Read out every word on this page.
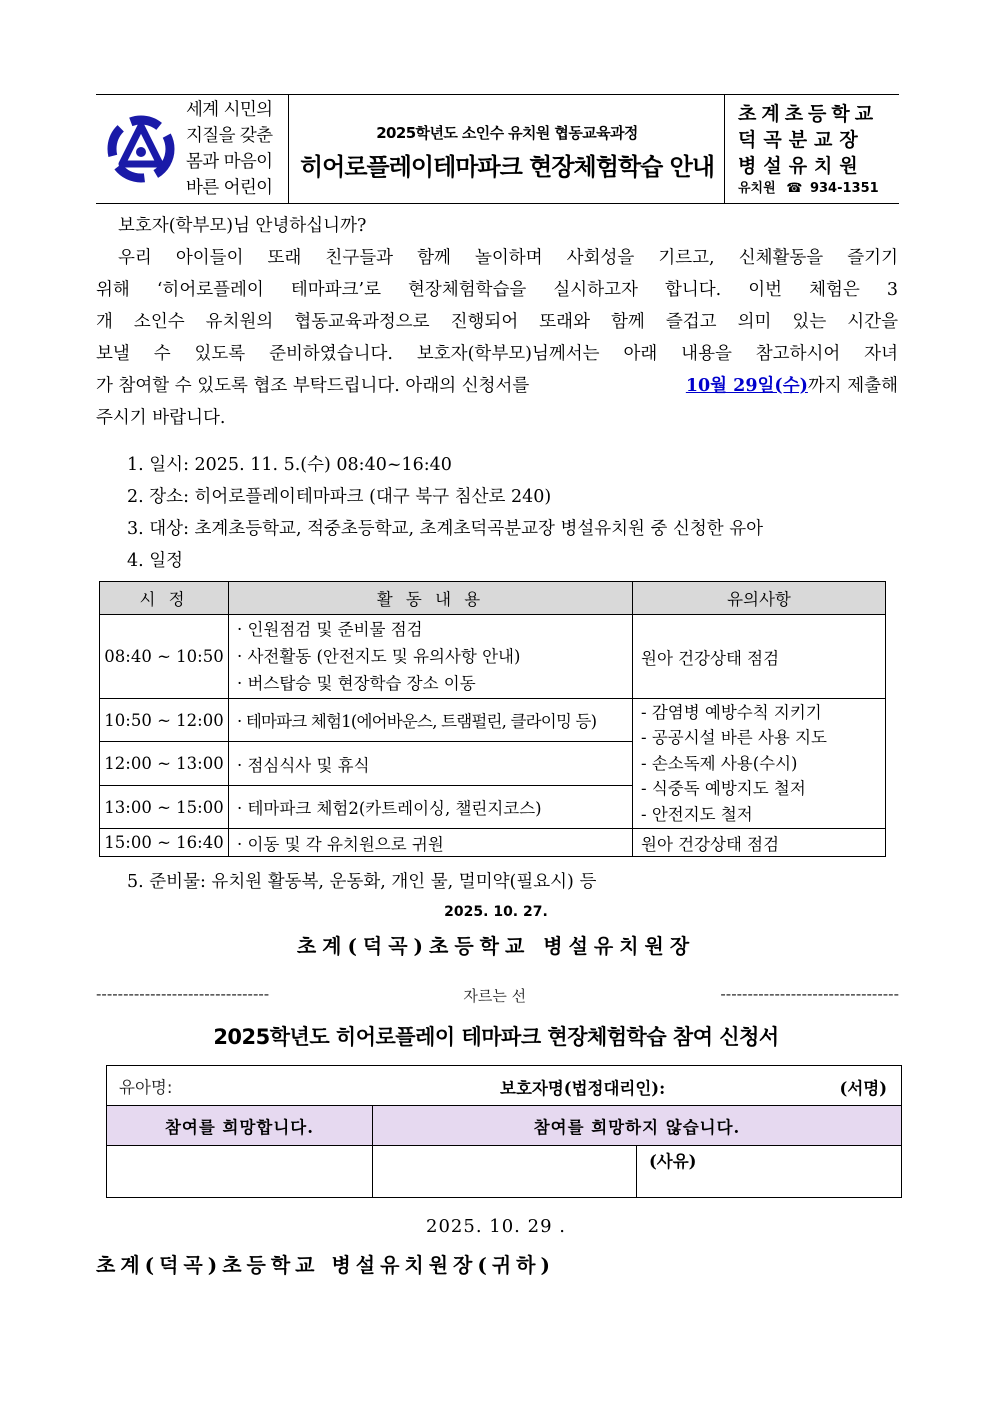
세계 시민의
지질을 갖춘
몸과 마음이
바른 어린이
2025학년도 소인수 유치원 협동교육과정
히어로플레이테마파크 현장체험학습 안내
초계초등학교
덕곡분교장
병설유치원
유치원 ☎ 934-1351
보호자(학부모)님 안녕하십니까?
우리 아이들이 또래 친구들과 함께 놀이하며 사회성을 기르고, 신체활동을 즐기기
위해 ‘히어로플레이 테마파크’로 현장체험학습을 실시하고자 합니다. 이번 체험은 3
개 소인수 유치원의 협동교육과정으로 진행되어 또래와 함께 즐겁고 의미 있는 시간을
보낼 수 있도록 준비하였습니다. 보호자(학부모)님께서는 아래 내용을 참고하시어 자녀
가 참여할 수 있도록 협조 부탁드립니다. 아래의 신청서를	10월 29일(수)까지 제출해
주시기 바랍니다.
1. 일시: 2025. 11. 5.(수) 08:40~16:40
2. 장소: 히어로플레이테마파크 (대구 북구 침산로 240)
3. 대상: 초계초등학교, 적중초등학교, 초계초덕곡분교장 병설유치원 중 신청한 유아
4. 일정
시 정	활 동 내 용	유의사항
08:40 ~ 10:50	· 인원점검 및 준비물 점검
· 사전활동 (안전지도 및 유의사항 안내)
· 버스탑승 및 현장학습 장소 이동	원아 건강상태 점검
10:50 ~ 12:00	· 테마파크 체험1(에어바운스, 트램펄린, 클라이밍 등)	- 감염병 예방수칙 지키기
- 공공시설 바른 사용 지도
- 손소독제 사용(수시)
- 식중독 예방지도 철저
- 안전지도 철저

12:00 ~ 13:00	· 점심식사 및 휴식	
13:00 ~ 15:00	· 테마파크 체험2(카트레이싱, 챌린지코스)	
15:00 ~ 16:40	· 이동 및 각 유치원으로 귀원	원아 건강상태 점검
5. 준비물: 유치원 활동복, 운동화, 개인 물, 멀미약(필요시) 등
2025. 10. 27.
초계(덕곡)초등학교 병설유치원장
--------------------------------	자르는 선	---------------------------------
2025학년도 히어로플레이 테마파크 현장체험학습 참여 신청서
유아명: 보호자명(법정대리인): (서명)		

참여를 희망합니다.	참여를 희망하지 않습니다.	
		(사유)
2025. 10. 29 .
초계(덕곡)초등학교 병설유치원장(귀하)
